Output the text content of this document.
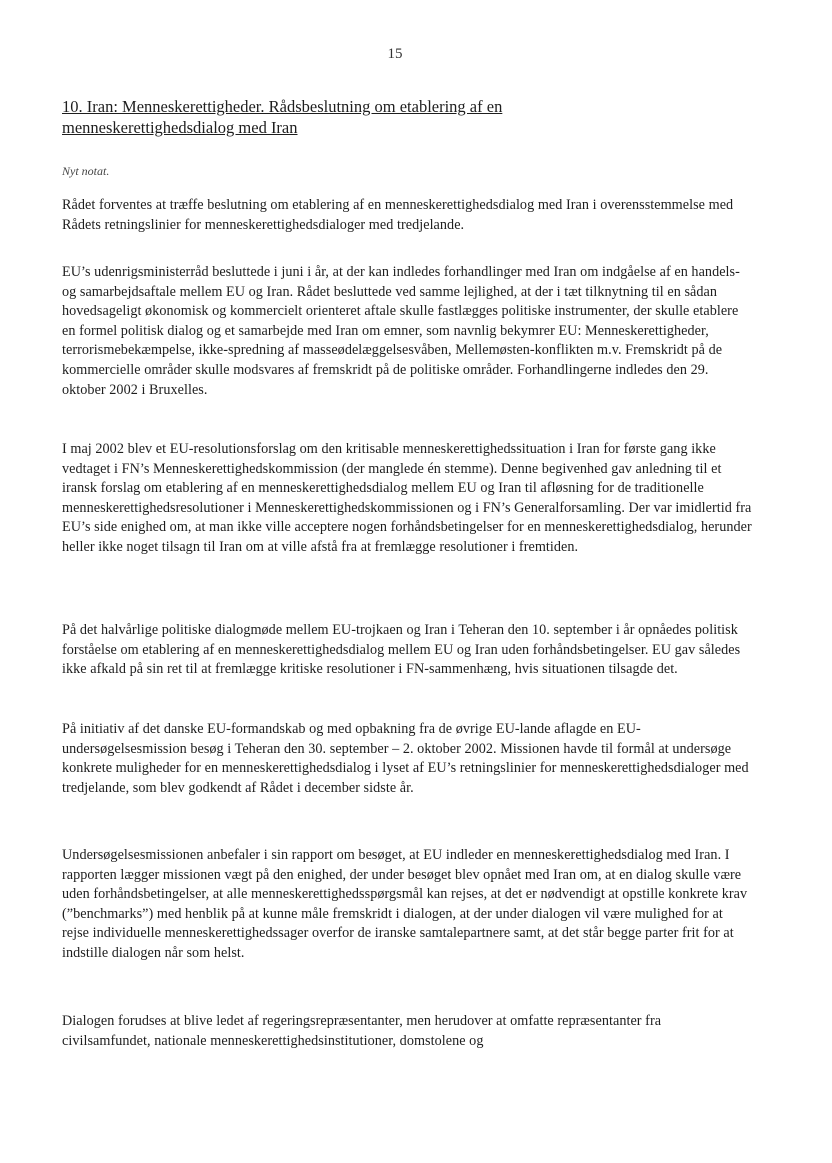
15
10. Iran: Menneskerettigheder. Rådsbeslutning om etablering af en menneskerettighedsdialog med Iran
Nyt notat.

Rådet forventes at træffe beslutning om etablering af en menneskerettighedsdialog med Iran i overensstemmelse med Rådets retningslinier for menneskerettighedsdialoger med tredjelande.

EU’s udenrigsministerråd besluttede i juni i år, at der kan indledes forhandlinger med Iran om indgåelse af en handels- og samarbejdsaftale mellem EU og Iran. Rådet besluttede ved samme lejlighed, at der i tæt tilknytning til en sådan hovedsageligt økonomisk og kommercielt orienteret aftale skulle fastlægges politiske instrumenter, der skulle etablere en formel politisk dialog og et samarbejde med Iran om emner, som navnlig bekymrer EU: Menneskerettigheder, terrorismebekæmpelse, ikke-spredning af masseødelæggelsesvåben, Mellemøsten-konflikten m.v. Fremskridt på de kommercielle områder skulle modsvares af fremskridt på de politiske områder. Forhandlingerne indledes den 29. oktober 2002 i Bruxelles.

I maj 2002 blev et EU-resolutionsforslag om den kritisable menneskerettighedssituation i Iran for første gang ikke vedtaget i FN’s Menneskerettighedskommission (der manglede én stemme). Denne begivenhed gav anledning til et iransk forslag om etablering af en menneskerettighedsdialog mellem EU og Iran til afløsning for de traditionelle menneskerettighedsresolutioner i Menneskerettighedskommissionen og i FN’s Generalforsamling. Der var imidlertid fra EU’s side enighed om, at man ikke ville acceptere nogen forhåndsbetingelser for en menneskerettighedsdialog, herunder heller ikke noget tilsagn til Iran om at ville afstå fra at fremlægge resolutioner i fremtiden.

På det halvårlige politiske dialogmøde mellem EU-trojkaen og Iran i Teheran den 10. september i år opnåedes politisk forståelse om etablering af en menneskerettighedsdialog mellem EU og Iran uden forhåndsbetingelser. EU gav således ikke afkald på sin ret til at fremlægge kritiske resolutioner i FN-sammenhæng, hvis situationen tilsagde det.

På initiativ af det danske EU-formandskab og med opbakning fra de øvrige EU-lande aflagde en EU-undersøgelsesmission besøg i Teheran den 30. september – 2. oktober 2002. Missionen havde til formål at undersøge konkrete muligheder for en menneskerettighedsdialog i lyset af EU’s retningslinier for menneskerettighedsdialoger med tredjelande, som blev godkendt af Rådet i december sidste år.

Undersøgelsesmissionen anbefaler i sin rapport om besøget, at EU indleder en menneskerettighedsdialog med Iran. I rapporten lægger missionen vægt på den enighed, der under besøget blev opnået med Iran om, at en dialog skulle være uden forhåndsbetingelser, at alle menneskerettighedsspørgsmål kan rejses, at det er nødvendigt at opstille konkrete krav (”benchmarks”) med henblik på at kunne måle fremskridt i dialogen, at der under dialogen vil være mulighed for at rejse individuelle menneskerettighedssager overfor de iranske samtalepartnere samt, at det står begge parter frit for at indstille dialogen når som helst.

Dialogen forudses at blive ledet af regeringsrepræsentanter, men herudover at omfatte repræsentanter fra civilsamfundet, nationale menneskerettighedsinstitutioner, domstolene og
